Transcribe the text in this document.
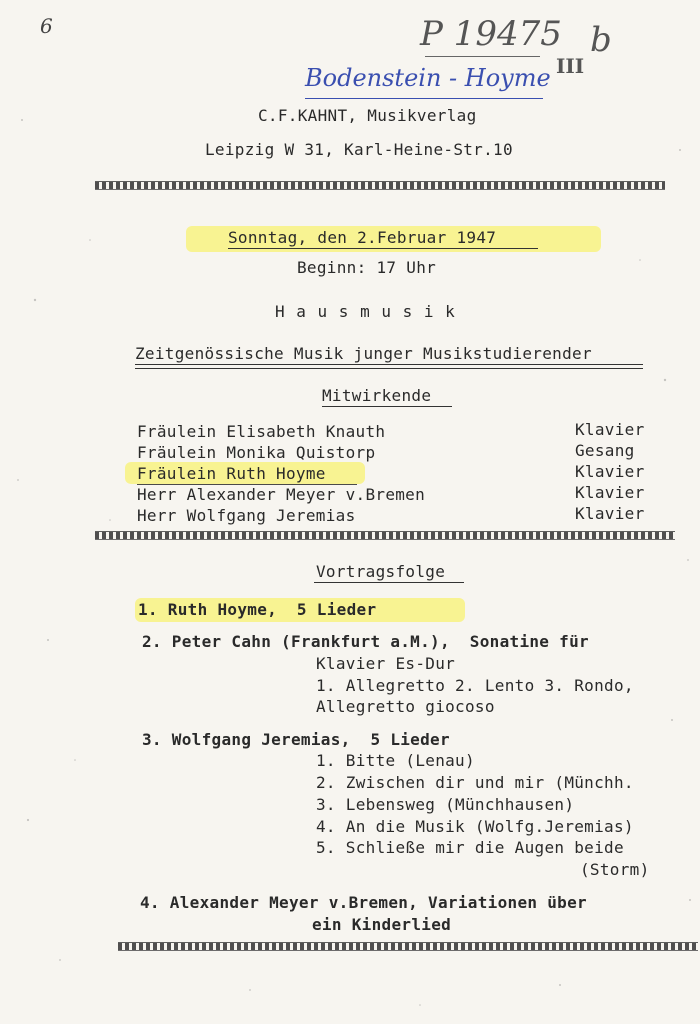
6	P 19475
III
b
Bodenstein - Hoyme
C.F.KAHNT, Musikverlag
Leipzig W 31, Karl-Heine-Str.10
Sonntag, den 2.Februar 1947
Beginn: 17 Uhr
H a u s m u s i k
Zeitgenössische Musik junger Musikstudierender
Mitwirkende
Fräulein Elisabeth Knauth	Klavier
Fräulein Monika Quistorp	Gesang
Fräulein Ruth Hoyme	Klavier
Herr Alexander Meyer v.Bremen	Klavier
Herr Wolfgang Jeremias	Klavier
Vortragsfolge
1. Ruth Hoyme,  5 Lieder
2. Peter Cahn (Frankfurt a.M.),  Sonatine für
Klavier Es-Dur
1. Allegretto 2. Lento 3. Rondo,
Allegretto giocoso
3. Wolfgang Jeremias,  5 Lieder
1. Bitte (Lenau)
2. Zwischen dir und mir (Münchh.
3. Lebensweg (Münchhausen)
4. An die Musik (Wolfg.Jeremias)
5. Schließe mir die Augen beide
(Storm)
4. Alexander Meyer v.Bremen, Variationen über
ein Kinderlied
